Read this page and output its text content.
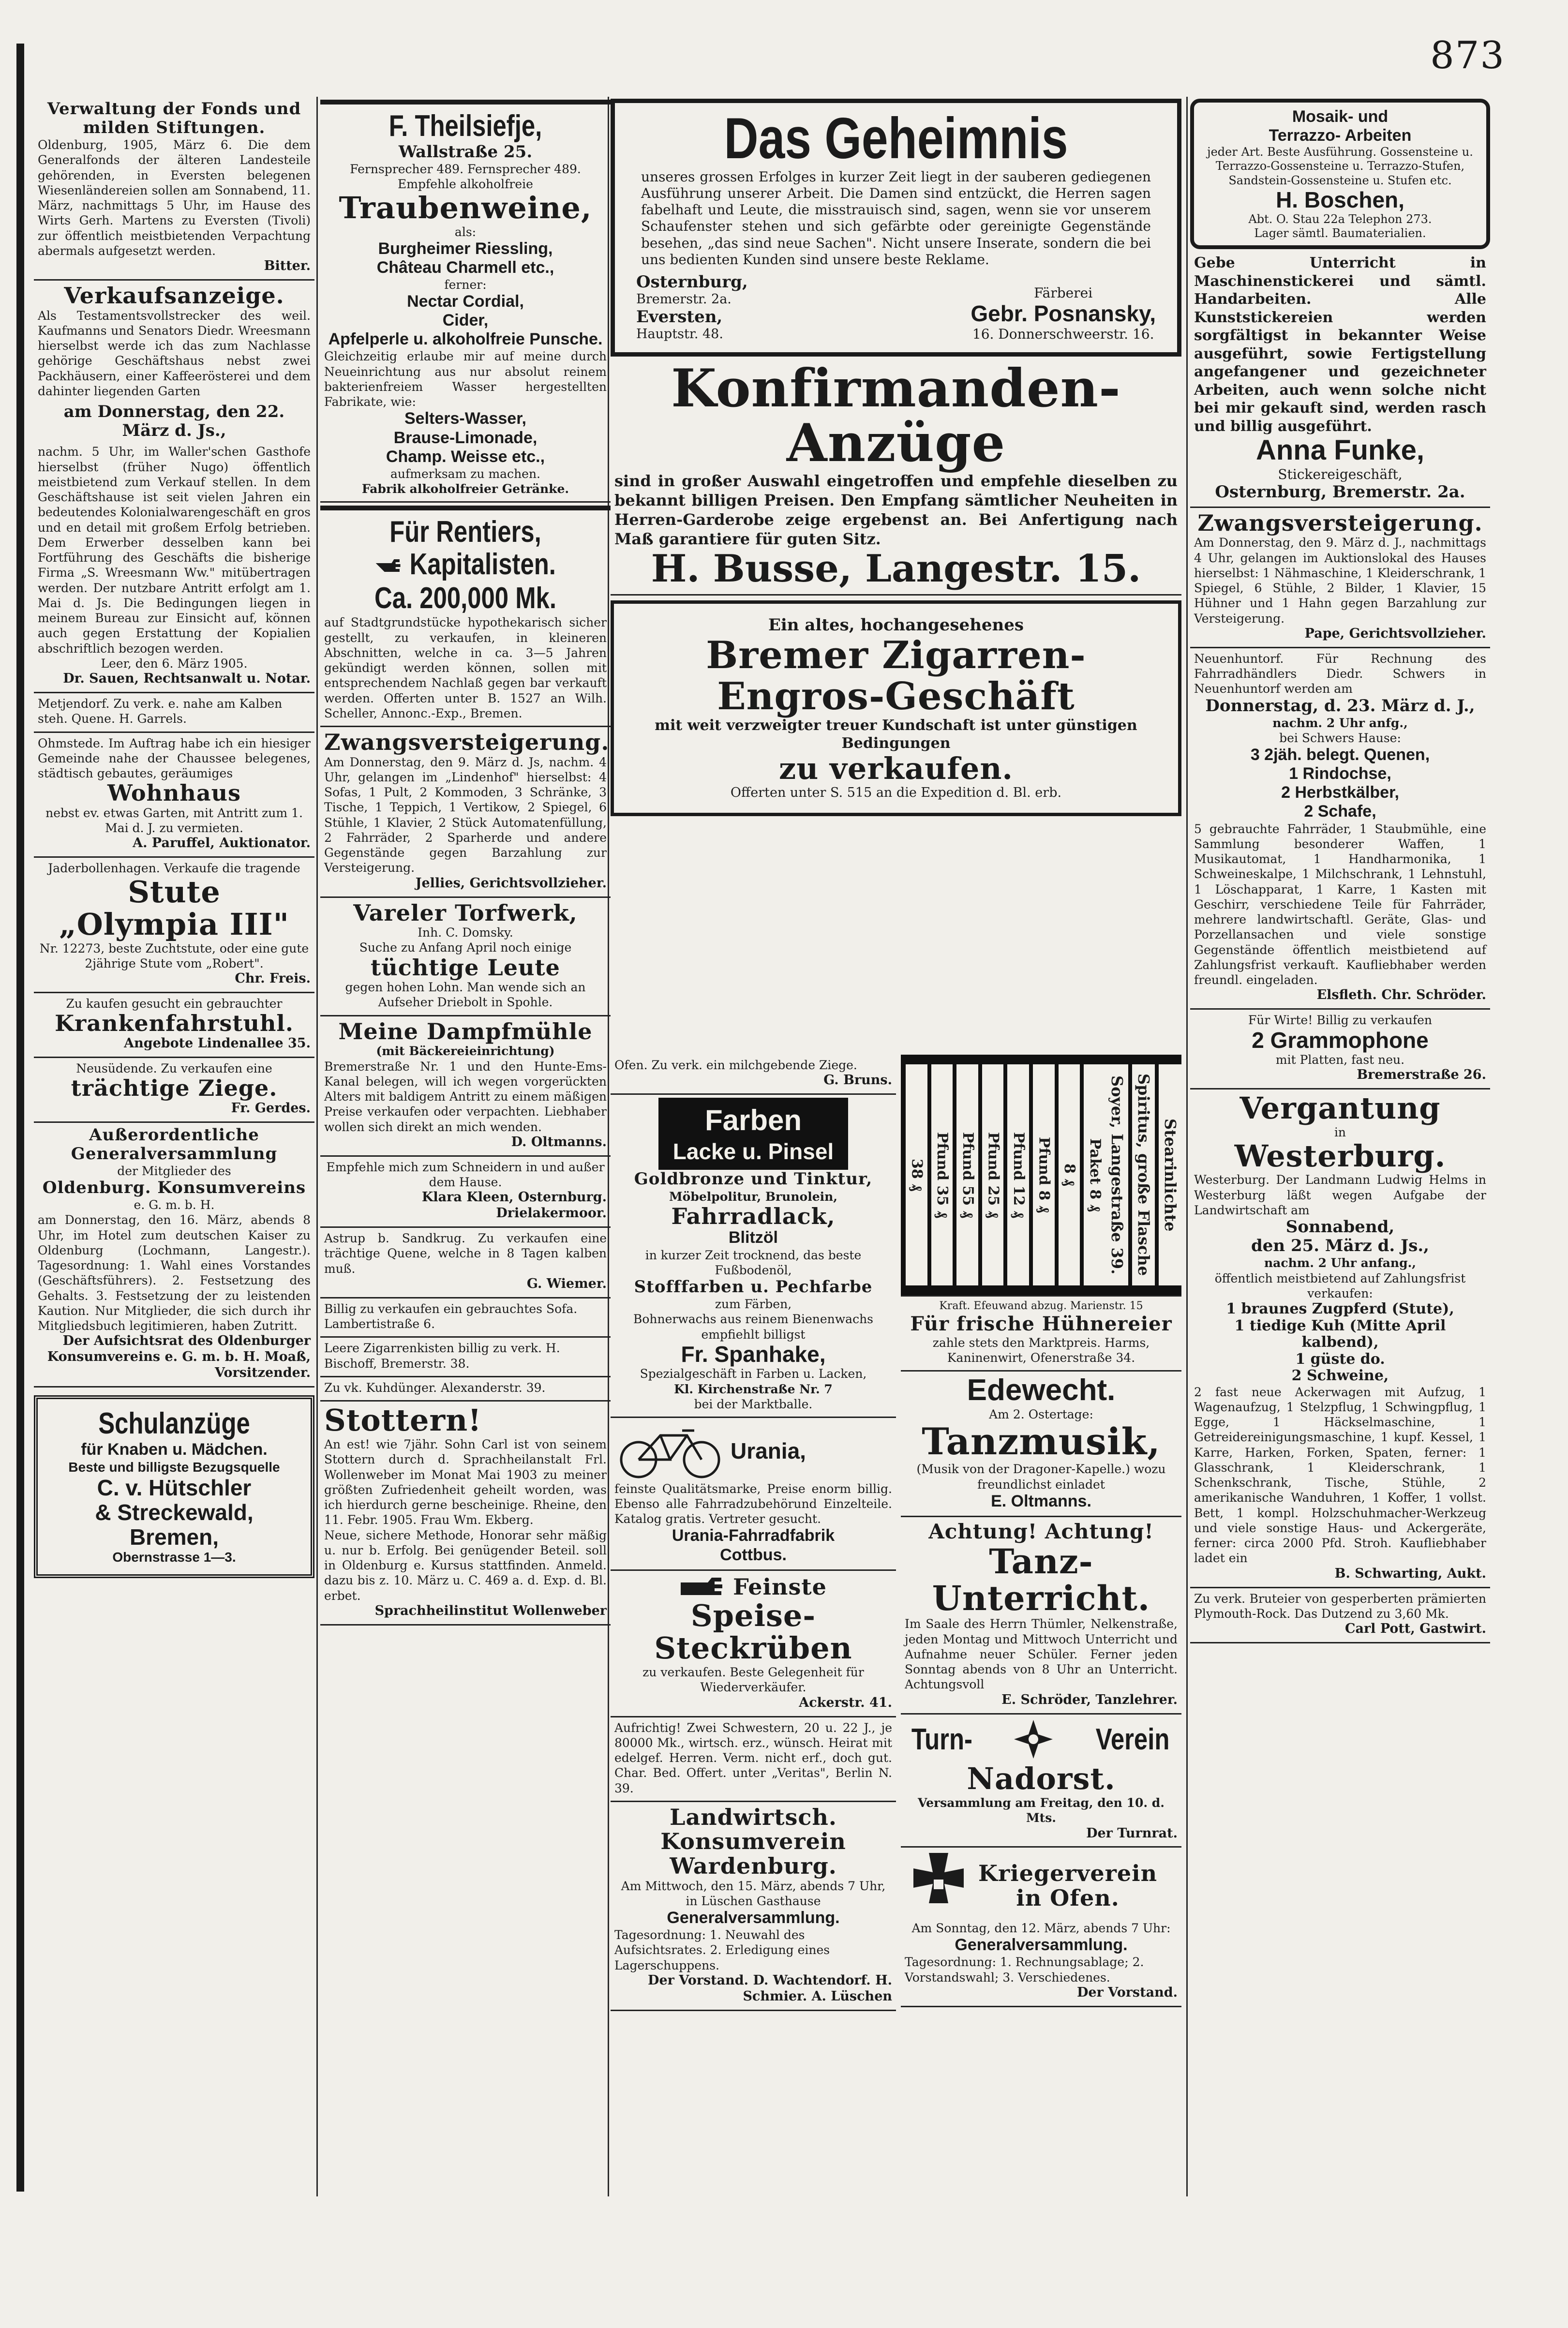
873
Verwaltung der Fonds und milden Stiftungen.

Oldenburg, 1905, März 6. Die dem Generalfonds der älteren Landesteile gehörenden, in Eversten belegenen Wiesenländereien sollen am Sonnabend, 11. März, nachmittags 5 Uhr, im Hause des Wirts Gerh. Martens zu Eversten (Tivoli) zur öffentlich meistbietenden Verpachtung abermals aufgesetzt werden.

Bitter.
Verkaufsanzeige.

Als Testamentsvollstrecker des weil. Kaufmanns und Senators Diedr. Wreesmann hierselbst werde ich das zum Nachlasse gehörige Geschäftshaus nebst zwei Packhäusern, einer Kaffeerösterei und dem dahinter liegenden Garten

am Donnerstag, den 22. März d. Js.,

nachm. 5 Uhr, im Waller'schen Gasthofe hierselbst (früher Nugo) öffentlich meistbietend zum Verkauf stellen. In dem Geschäftshause ist seit vielen Jahren ein bedeutendes Kolonialwarengeschäft en gros und en detail mit großem Erfolg betrieben. Dem Erwerber desselben kann bei Fortführung des Geschäfts die bisherige Firma „S. Wreesmann Ww." mitübertragen werden. Der nutzbare Antritt erfolgt am 1. Mai d. Js. Die Bedingungen liegen in meinem Bureau zur Einsicht auf, können auch gegen Erstattung der Kopialien abschriftlich bezogen werden.

Leer, den 6. März 1905.

Dr. Sauen, Rechtsanwalt u. Notar.

Metjendorf. Zu verk. e. nahe am Kalben steh. Quene. H. Garrels.

Ohmstede. Im Auftrag habe ich ein hiesiger Gemeinde nahe der Chaussee belegenes, städtisch gebautes, geräumiges

Wohnhaus

nebst ev. etwas Garten, mit Antritt zum 1. Mai d. J. zu vermieten.

A. Paruffel, Auktionator.

Jaderbollenhagen. Verkaufe die tragende

Stute
„Olympia III"

Nr. 12273, beste Zuchtstute, oder eine gute 2jährige Stute vom „Robert".

Chr. Freis.

Zu kaufen gesucht ein gebrauchter

Krankenfahrstuhl.
Angebote Lindenallee 35.

Neusüdende. Zu verkaufen eine

trächtige Ziege.
Fr. Gerdes.
Außerordentliche
Generalversammlung

der Mitglieder des

Oldenburg. Konsumvereins

e. G. m. b. H.

am Donnerstag, den 16. März, abends 8 Uhr, im Hotel zum deutschen Kaiser zu Oldenburg (Lochmann, Langestr.). Tagesordnung: 1. Wahl eines Vorstandes (Geschäftsführers). 2. Festsetzung des Gehalts. 3. Festsetzung der zu leistenden Kaution. Nur Mitglieder, die sich durch ihr Mitgliedsbuch legitimieren, haben Zutritt.

Der Aufsichtsrat des Oldenburger Konsumvereins e. G. m. b. H. Moaß, Vorsitzender.
Schulanzüge
für Knaben u. Mädchen.
Beste und billigste Bezugsquelle
C. v. Hütschler
& Streckewald,
Bremen,
Obernstrasse 1—3.
F. Theilsiefje,
Wallstraße 25.

Fernsprecher 489. Fernsprecher 489.

Empfehle alkoholfreie

Traubenweine,

als:

Burgheimer Riessling,
Château Charmell etc.,

ferner:

Nectar Cordial,
Cider,
Apfelperle u. alkoholfreie Punsche.

Gleichzeitig erlaube mir auf meine durch Neueinrichtung aus nur absolut reinem bakterienfreiem Wasser hergestellten Fabrikate, wie:

Selters-Wasser,
Brause-Limonade,
Champ. Weisse etc.,

aufmerksam zu machen.

Fabrik alkoholfreier Getränke.

Für Rentiers,
Kapitalisten.
Ca. 200,000 Mk.

auf Stadtgrundstücke hypothekarisch sicher gestellt, zu verkaufen, in kleineren Abschnitten, welche in ca. 3—5 Jahren gekündigt werden können, sollen mit entsprechendem Nachlaß gegen bar verkauft werden. Offerten unter B. 1527 an Wilh. Scheller, Annonc.-Exp., Bremen.

Zwangsversteigerung.

Am Donnerstag, den 9. März d. Js, nachm. 4 Uhr, gelangen im „Lindenhof" hierselbst: 4 Sofas, 1 Pult, 2 Kommoden, 3 Schränke, 3 Tische, 1 Teppich, 1 Vertikow, 2 Spiegel, 6 Stühle, 1 Klavier, 2 Stück Automatenfüllung, 2 Fahrräder, 2 Sparherde und andere Gegenstände gegen Barzahlung zur Versteigerung.

Jellies, Gerichtsvollzieher.
Vareler Torfwerk,

Inh. C. Domsky.

Suche zu Anfang April noch einige

tüchtige Leute

gegen hohen Lohn. Man wende sich an Aufseher Driebolt in Spohle.

Meine Dampfmühle

(mit Bäckereieinrichtung)

Bremerstraße Nr. 1 und den Hunte-Ems-Kanal belegen, will ich wegen vorgerückten Alters mit baldigem Antritt zu einem mäßigen Preise verkaufen oder verpachten. Liebhaber wollen sich direkt an mich wenden.

D. Oltmanns.

Empfehle mich zum Schneidern in und außer dem Hause.

Klara Kleen, Osternburg. Drielakermoor.

Astrup b. Sandkrug. Zu verkaufen eine trächtige Quene, welche in 8 Tagen kalben muß.

G. Wiemer.

Billig zu verkaufen ein gebrauchtes Sofa. Lambertistraße 6.

Leere Zigarrenkisten billig zu verk. H. Bischoff, Bremerstr. 38.

Zu vk. Kuhdünger. Alexanderstr. 39.

Stottern!

An est! wie 7jähr. Sohn Carl ist von seinem Stottern durch d. Sprachheilanstalt Frl. Wollenweber im Monat Mai 1903 zu meiner größten Zufriedenheit geheilt worden, was ich hierdurch gerne bescheinige. Rheine, den 11. Febr. 1905. Frau Wm. Ekberg.

Neue, sichere Methode, Honorar sehr mäßig u. nur b. Erfolg. Bei genügender Beteil. soll in Oldenburg e. Kursus stattfinden. Anmeld. dazu bis z. 10. März u. C. 469 a. d. Exp. d. Bl. erbet.

Sprachheilinstitut Wollenweber
Das Geheimnis

unseres grossen Erfolges in kurzer Zeit liegt in der sauberen gediegenen Ausführung unserer Arbeit. Die Damen sind entzückt, die Herren sagen fabelhaft und Leute, die misstrauisch sind, sagen, wenn sie vor unserem Schaufenster stehen und sich gefärbte oder gereinigte Gegenstände besehen, „das sind neue Sachen". Nicht unsere Inserate, sondern die bei uns bedienten Kunden sind unsere beste Reklame.

Osternburg,

Bremerstr. 2a.

Eversten,

Hauptstr. 48.

Färberei

Gebr. Posnansky,

16. Donnerschweerstr. 16.

Konfirmanden-Anzüge

sind in großer Auswahl eingetroffen und empfehle dieselben zu bekannt billigen Preisen. Den Empfang sämtlicher Neuheiten in Herren-Garderobe zeige ergebenst an. Bei Anfertigung nach Maß garantiere für guten Sitz.

H. Busse, Langestr. 15.

Ein altes, hochangesehenes

Bremer Zigarren-
Engros-Geschäft

mit weit verzweigter treuer Kundschaft ist unter günstigen Bedingungen

zu verkaufen.

Offerten unter S. 515 an die Expedition d. Bl. erb.

Ofen. Zu verk. ein milchgebende Ziege.

G. Bruns.
Farben
Lacke u. Pinsel
Goldbronze und Tinktur,

Möbelpolitur, Brunolein,

Fahrradlack,
Blitzöl

in kurzer Zeit trocknend, das beste Fußbodenöl,

Stofffarben u. Pechfarbe

zum Färben,

Bohnerwachs aus reinem Bienenwachs empfiehlt billigst

Fr. Spanhake,

Spezialgeschäft in Farben u. Lacken,

Kl. Kirchenstraße Nr. 7

bei der Marktballe.

Urania,

feinste Qualitätsmarke, Preise enorm billig. Ebenso alle Fahrradzubehörund Einzelteile. Katalog gratis. Vertreter gesucht.

Urania-Fahrradfabrik
Cottbus.
Feinste
Speise-Steckrüben

zu verkaufen. Beste Gelegenheit für Wiederverkäufer.

Ackerstr. 41.

Aufrichtig! Zwei Schwestern, 20 u. 22 J., je 80000 Mk., wirtsch. erz., wünsch. Heirat mit edelgef. Herren. Verm. nicht erf., doch gut. Char. Bed. Offert. unter „Veritas", Berlin N. 39.

Landwirtsch.
Konsumverein
Wardenburg.

Am Mittwoch, den 15. März, abends 7 Uhr, in Lüschen Gasthause

Generalversammlung.

Tagesordnung: 1. Neuwahl des Aufsichtsrates. 2. Erledigung eines Lagerschuppens.

Der Vorstand. D. Wachtendorf. H. Schmier. A. Lüschen
Stearinlichte
Spiritus, große Flasche
Soyer, Langestraße 39.
Paket 8 ₰
8 ₰
Pfund 8 ₰
Pfund 12 ₰
Pfund 25 ₰
Pfund 55 ₰
Pfund 35 ₰
38 ₰

Kraft. Efeuwand abzug. Marienstr. 15

Für frische Hühnereier

zahle stets den Marktpreis. Harms, Kaninenwirt, Ofenerstraße 34.

Edewecht.

Am 2. Ostertage:

Tanzmusik,

(Musik von der Dragoner-Kapelle.) wozu freundlichst einladet

E. Oltmanns.
Achtung! Achtung!
Tanz-Unterricht.

Im Saale des Herrn Thümler, Nelkenstraße, jeden Montag und Mittwoch Unterricht und Aufnahme neuer Schüler. Ferner jeden Sonntag abends von 8 Uhr an Unterricht. Achtungsvoll

E. Schröder, Tanzlehrer.
Turn-	Verein
Nadorst.

Versammlung am Freitag, den 10. d. Mts.

Der Turnrat.
Kriegerverein
in Ofen.

Am Sonntag, den 12. März, abends 7 Uhr:

Generalversammlung.

Tagesordnung: 1. Rechnungsablage; 2. Vorstandswahl; 3. Verschiedenes.

Der Vorstand.
Mosaik- und
Terrazzo- Arbeiten

jeder Art. Beste Ausführung. Gossensteine u. Terrazzo-Gossensteine u. Terrazzo-Stufen, Sandstein-Gossensteine u. Stufen etc.

H. Boschen,

Abt. O. Stau 22a Telephon 273.

Lager sämtl. Baumaterialien.

Gebe Unterricht in Maschinenstickerei und sämtl. Handarbeiten. Alle Kunststickereien werden sorgfältigst in bekannter Weise ausgeführt, sowie Fertigstellung angefangener und gezeichneter Arbeiten, auch wenn solche nicht bei mir gekauft sind, werden rasch und billig ausgeführt.

Anna Funke,

Stickereigeschäft,

Osternburg, Bremerstr. 2a.
Zwangsversteigerung.

Am Donnerstag, den 9. März d. J., nachmittags 4 Uhr, gelangen im Auktionslokal des Hauses hierselbst: 1 Nähmaschine, 1 Kleiderschrank, 1 Spiegel, 6 Stühle, 2 Bilder, 1 Klavier, 15 Hühner und 1 Hahn gegen Barzahlung zur Versteigerung.

Pape, Gerichtsvollzieher.

Neuenhuntorf. Für Rechnung des Fahrradhändlers Diedr. Schwers in Neuenhuntorf werden am

Donnerstag, d. 23. März d. J.,

nachm. 2 Uhr anfg.,

bei Schwers Hause:

3 2jäh. belegt. Quenen,
1 Rindochse,
2 Herbstkälber,
2 Schafe,

5 gebrauchte Fahrräder, 1 Staubmühle, eine Sammlung besonderer Waffen, 1 Musikautomat, 1 Handharmonika, 1 Schweineskalpe, 1 Milchschrank, 1 Lehnstuhl, 1 Löschapparat, 1 Karre, 1 Kasten mit Geschirr, verschiedene Teile für Fahrräder, mehrere landwirtschaftl. Geräte, Glas- und Porzellansachen und viele sonstige Gegenstände öffentlich meistbietend auf Zahlungsfrist verkauft. Kaufliebhaber werden freundl. eingeladen.

Elsfleth. Chr. Schröder.

Für Wirte! Billig zu verkaufen

2 Grammophone

mit Platten, fast neu.

Bremerstraße 26.
Vergantung

in

Westerburg.

Westerburg. Der Landmann Ludwig Helms in Westerburg läßt wegen Aufgabe der Landwirtschaft am

Sonnabend,
den 25. März d. Js.,

nachm. 2 Uhr anfang.,

öffentlich meistbietend auf Zahlungsfrist verkaufen:

1 braunes Zugpferd (Stute),
1 tiedige Kuh (Mitte April kalbend),
1 güste do.
2 Schweine,

2 fast neue Ackerwagen mit Aufzug, 1 Wagenaufzug, 1 Stelzpflug, 1 Schwingpflug, 1 Egge, 1 Häckselmaschine, 1 Getreidereinigungsmaschine, 1 kupf. Kessel, 1 Karre, Harken, Forken, Spaten, ferner: 1 Glasschrank, 1 Kleiderschrank, 1 Schenkschrank, Tische, Stühle, 2 amerikanische Wanduhren, 1 Koffer, 1 vollst. Bett, 1 kompl. Holzschuhmacher-Werkzeug und viele sonstige Haus- und Ackergeräte, ferner: circa 2000 Pfd. Stroh. Kaufliebhaber ladet ein

B. Schwarting, Aukt.

Zu verk. Bruteier von gesperberten prämierten Plymouth-Rock. Das Dutzend zu 3,60 Mk.

Carl Pott, Gastwirt.
